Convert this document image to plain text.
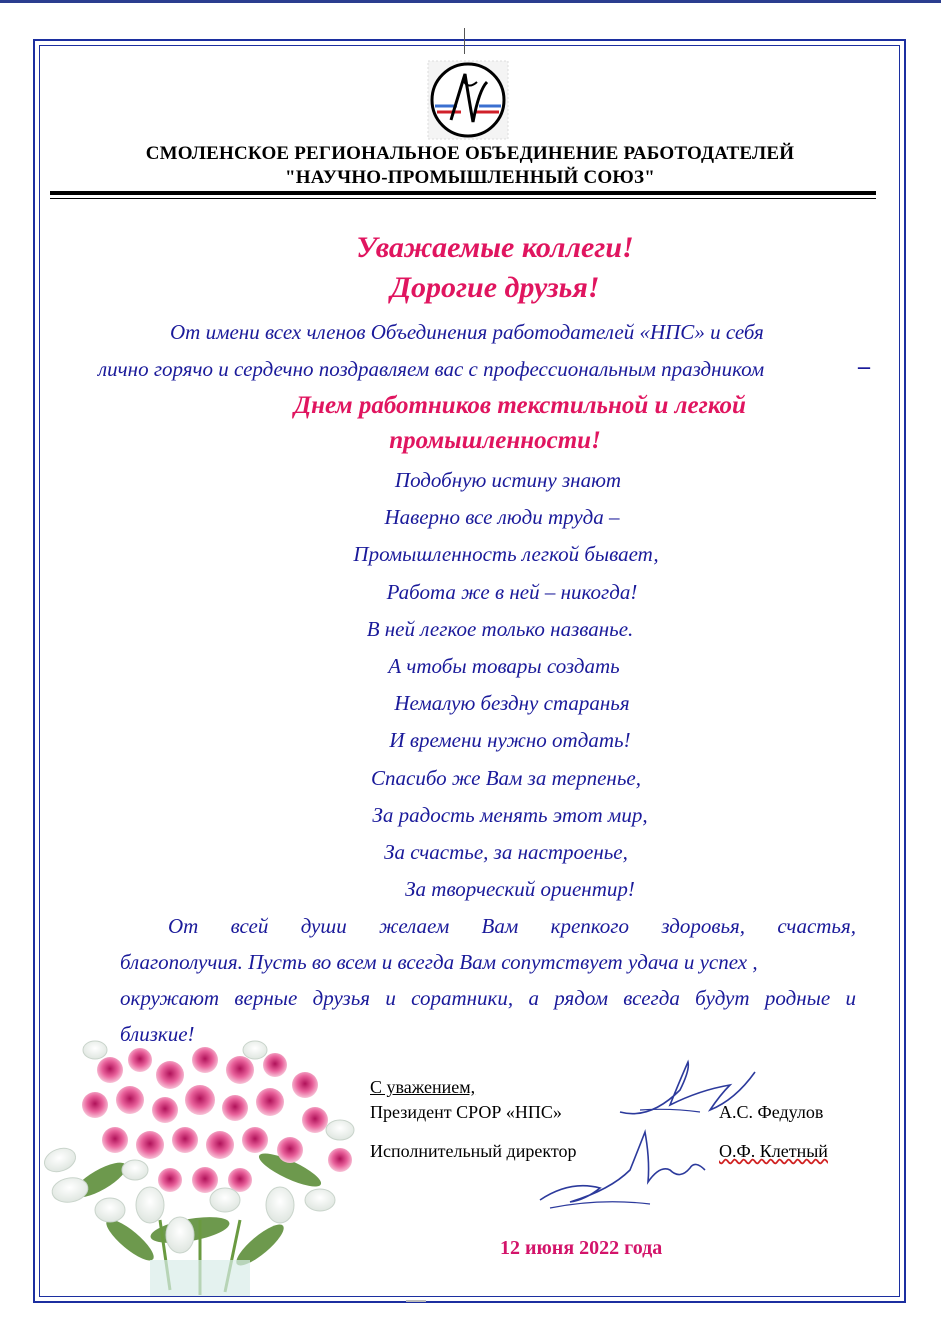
СМОЛЕНСКОЕ РЕГИОНАЛЬНОЕ ОБЪЕДИНЕНИЕ РАБОТОДАТЕЛЕЙ
"НАУЧНО-ПРОМЫШЛЕННЫЙ СОЮЗ"
Уважаемые коллеги!
Дорогие друзья!
От имени всех членов Объединения работодателей «НПС» и себя
лично горячо и сердечно поздравляем вас с профессиональным праздником	–
Днем работников текстильной и легкой
промышленности!
Подобную истину знают
Наверно все люди труда –
Промышленность легкой бывает,
Работа же в ней – никогда!
В ней легкое только названье.
А чтобы товары создать
Немалую бездну старанья
И времени нужно отдать!
Спасибо же Вам за терпенье,
За радость менять этот мир,
За счастье, за настроенье,
За творческий ориентир!
От всей души желаем Вам крепкого здоровья, счастья,
благополучия. Пусть во всем и всегда Вам сопутствует удача и успех ,
окружают верные друзья и соратники, а рядом всегда будут родные и
близкие!
С уважением,
Президент СРОР «НПС»	А.С. Федулов
Исполнительный директор	О.Ф. Клетный
12 июня 2022 года
